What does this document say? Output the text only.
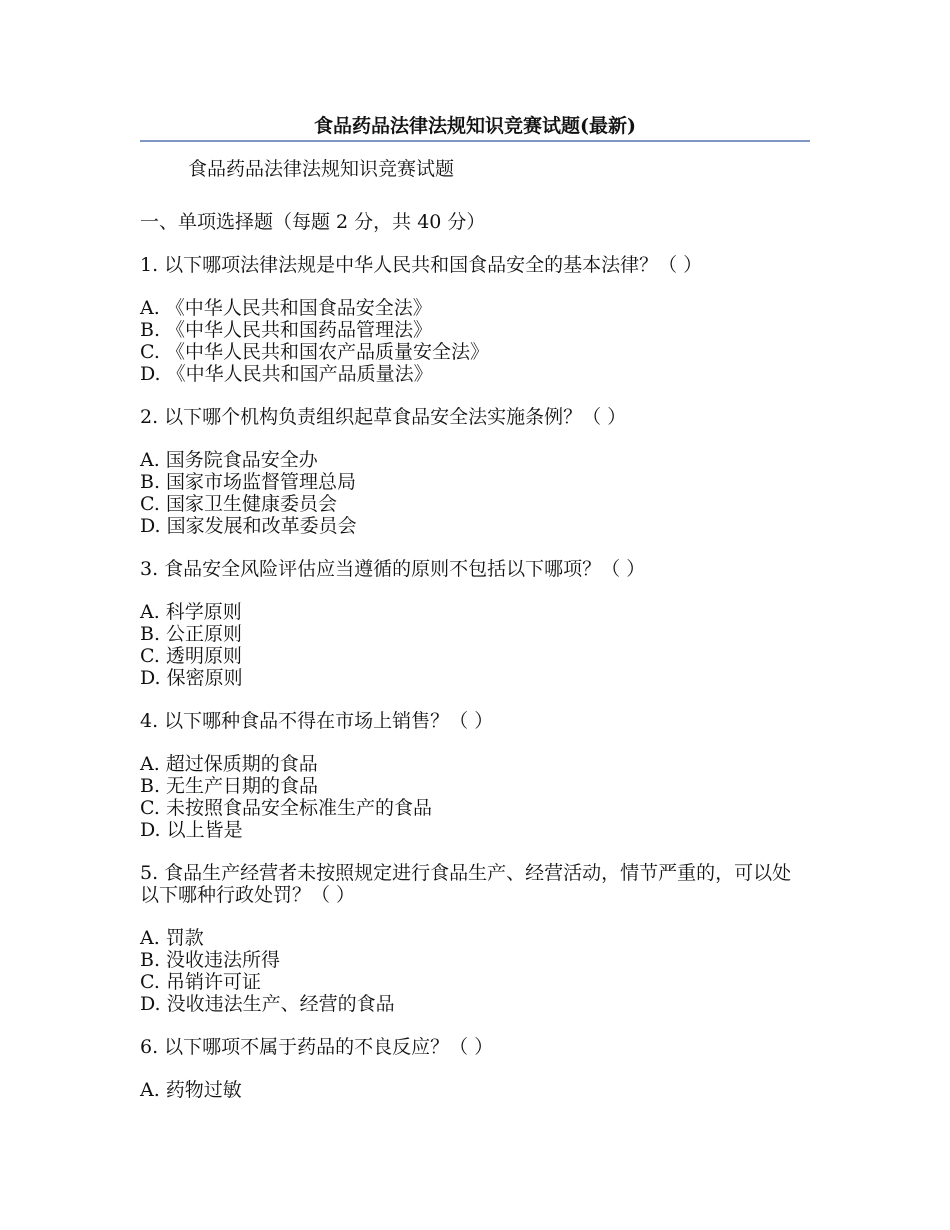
食品药品法律法规知识竞赛试题(最新)
食品药品法律法规知识竞赛试题
一、单项选择题（每题 2 分，共 40 分）
1. 以下哪项法律法规是中华人民共和国食品安全的基本法律？（ ）
A. 《中华人民共和国食品安全法》
B. 《中华人民共和国药品管理法》
C. 《中华人民共和国农产品质量安全法》
D. 《中华人民共和国产品质量法》
2. 以下哪个机构负责组织起草食品安全法实施条例？（ ）
A. 国务院食品安全办
B. 国家市场监督管理总局
C. 国家卫生健康委员会
D. 国家发展和改革委员会
3. 食品安全风险评估应当遵循的原则不包括以下哪项？（ ）
A. 科学原则
B. 公正原则
C. 透明原则
D. 保密原则
4. 以下哪种食品不得在市场上销售？（ ）
A. 超过保质期的食品
B. 无生产日期的食品
C. 未按照食品安全标准生产的食品
D. 以上皆是
5. 食品生产经营者未按照规定进行食品生产、经营活动，情节严重的，可以处以下哪种行政处罚？（ ）
A. 罚款
B. 没收违法所得
C. 吊销许可证
D. 没收违法生产、经营的食品
6. 以下哪项不属于药品的不良反应？（ ）
A. 药物过敏
